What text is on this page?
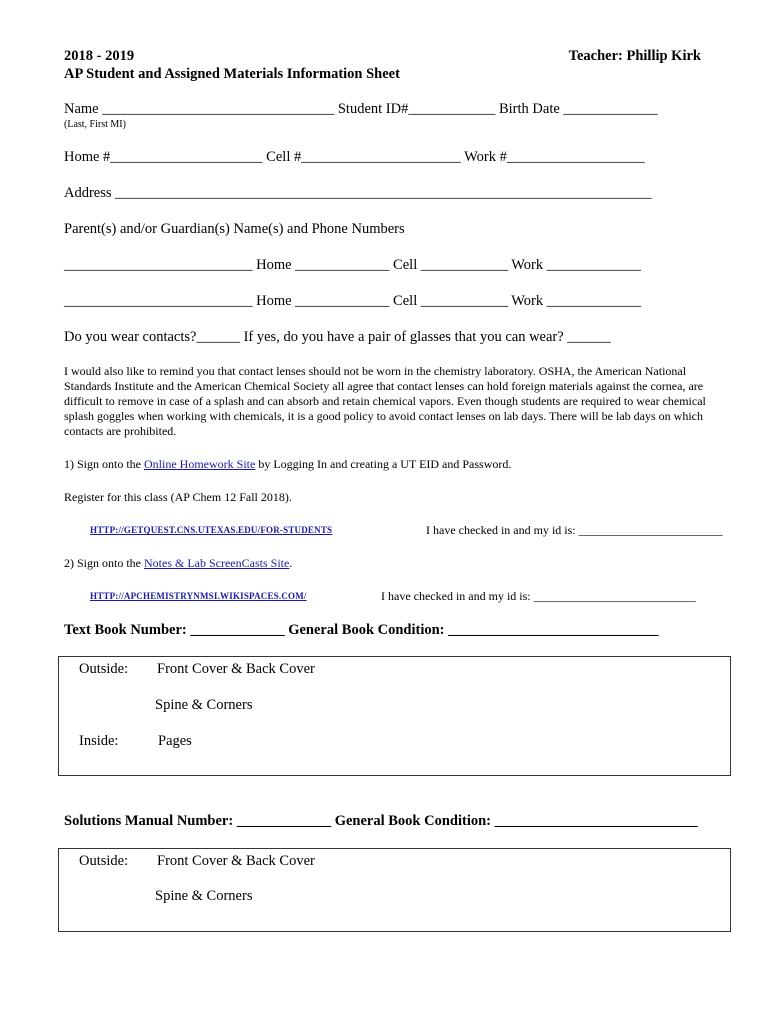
2018 - 2019	Teacher: Phillip Kirk
AP Student and Assigned Materials Information Sheet
Name ________________________________ Student ID#____________ Birth Date _____________
(Last, First MI)
Home #_____________________ Cell #______________________ Work #___________________
Address __________________________________________________________________________
Parent(s) and/or Guardian(s) Name(s) and Phone Numbers
__________________________ Home _____________ Cell ____________ Work _____________
__________________________ Home _____________ Cell ____________ Work _____________
Do you wear contacts?______ If yes, do you have a pair of glasses that you can wear? ______
I would also like to remind you that contact lenses should not be worn in the chemistry laboratory. OSHA, the American National Standards Institute and the American Chemical Society all agree that contact lenses can hold foreign materials against the cornea, are difficult to remove in case of a splash and can absorb and retain chemical vapors. Even though students are required to wear chemical splash goggles when working with chemicals, it is a good policy to avoid contact lenses on lab days. There will be lab days on which contacts are prohibited.
1) Sign onto the Online Homework Site by Logging In and creating a UT EID and Password.
Register for this class (AP Chem 12 Fall 2018).
HTTP://GETQUEST.CNS.UTEXAS.EDU/FOR-STUDENTS	I have checked in and my id is: ________________________
2) Sign onto the Notes & Lab ScreenCasts Site.
HTTP://APCHEMISTRYNMSI.WIKISPACES.COM/	I have checked in and my id is: ___________________________
Text Book Number: _____________ General Book Condition: _____________________________
Outside: Front Cover & Back Cover
Spine & Corners
Inside:	Pages
Solutions Manual Number: _____________ General Book Condition: ____________________________
Outside: Front Cover & Back Cover
Spine & Corners
